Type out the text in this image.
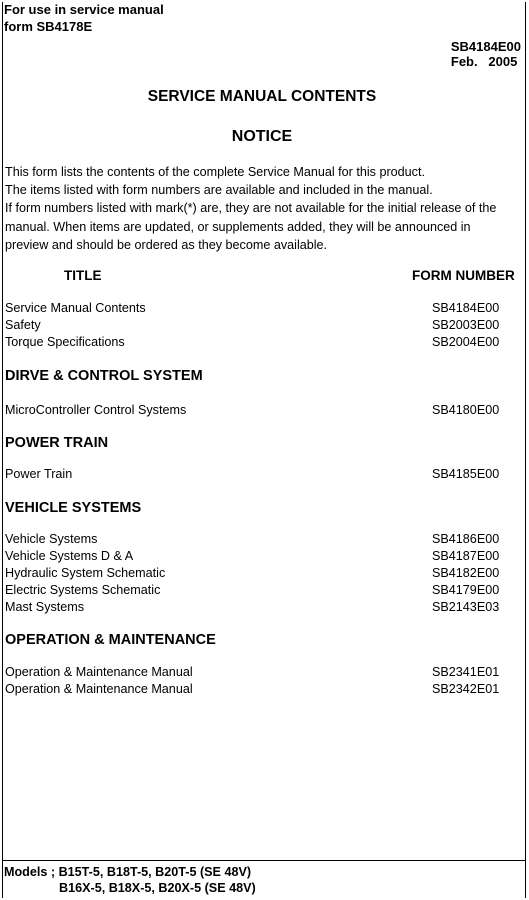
For use in service manual
form SB4178E
SB4184E00
Feb.   2005
SERVICE MANUAL CONTENTS
NOTICE
This form lists the contents of the complete Service Manual for this product.
The items listed with form numbers are available and included in the manual.
If form numbers listed with mark(*) are, they are not available for the initial release of the
manual. When items are updated, or supplements added, they will be announced in
preview and should be ordered as they become available.
TITLE	FORM NUMBER
Service Manual Contents	SB4184E00
Safety	SB2003E00
Torque Specifications	SB2004E00
DIRVE & CONTROL SYSTEM
MicroController Control Systems	SB4180E00
POWER TRAIN
Power Train	SB4185E00
VEHICLE SYSTEMS
Vehicle Systems	SB4186E00
Vehicle Systems D & A	SB4187E00
Hydraulic System Schematic	SB4182E00
Electric Systems Schematic	SB4179E00
Mast Systems	SB2143E03
OPERATION & MAINTENANCE
Operation & Maintenance Manual	SB2341E01
Operation & Maintenance Manual	SB2342E01
Models ; B15T-5, B18T-5, B20T-5 (SE 48V)
B16X-5, B18X-5, B20X-5 (SE 48V)
